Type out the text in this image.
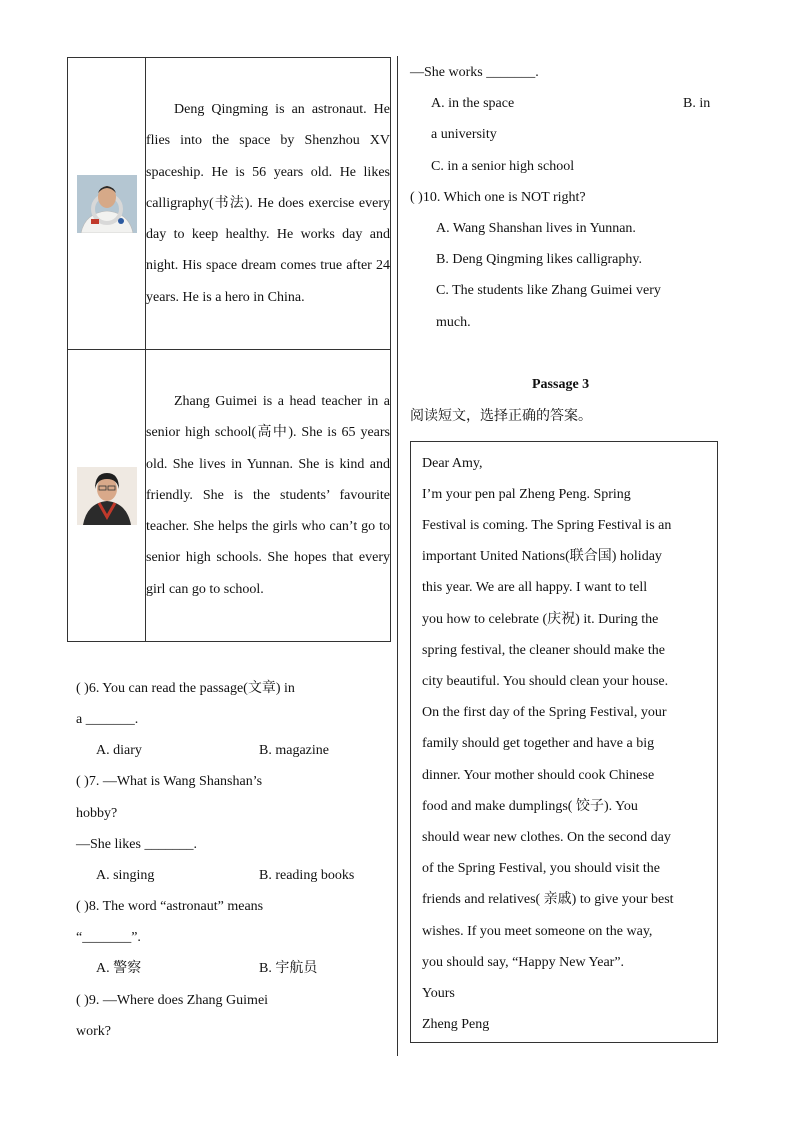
Deng Qingming is an astronaut. He flies into the space by Shenzhou XV spaceship. He is 56 years old. He likes calligraphy(书法). He does exercise every day to keep healthy. He works day and night. His space dream comes true after 24 years. He is a hero in China.

Zhang Guimei is a head teacher in a senior high school(高中). She is 65 years old. She lives in Yunnan. She is kind and friendly. She is the students’ favourite teacher. She helps the girls who can’t go to senior high schools. She hopes that every girl can go to school.
( )6. You can read the passage(文章) in
a _______.
A. diary	B. magazine
( )7. —What is Wang Shanshan’s
hobby?
—She likes _______.
A. singing	B. reading books
( )8. The word “astronaut” means
“_______”.
A. 警察	B. 宇航员
( )9. —Where does Zhang Guimei
work?
—She works _______.
A. in the space	B. in
a university
C. in a senior high school
( )10. Which one is NOT right?
A. Wang Shanshan lives in Yunnan.
B. Deng Qingming likes calligraphy.
C. The students like Zhang Guimei very
much.
Passage 3
阅读短文，选择正确的答案。
Dear Amy,
I’m your pen pal Zheng Peng. Spring
Festival is coming. The Spring Festival is an
important United Nations(联合国) holiday
this year. We are all happy. I want to tell
you how to celebrate (庆祝) it. During the
spring festival, the cleaner should make the
city beautiful. You should clean your house.
On the first day of the Spring Festival, your
family should get together and have a big
dinner. Your mother should cook Chinese
food and make dumplings( 饺子). You
should wear new clothes. On the second day
of the Spring Festival, you should visit the
friends and relatives( 亲戚) to give your best
wishes. If you meet someone on the way,
you should say, “Happy New Year”.
Yours
Zheng Peng
